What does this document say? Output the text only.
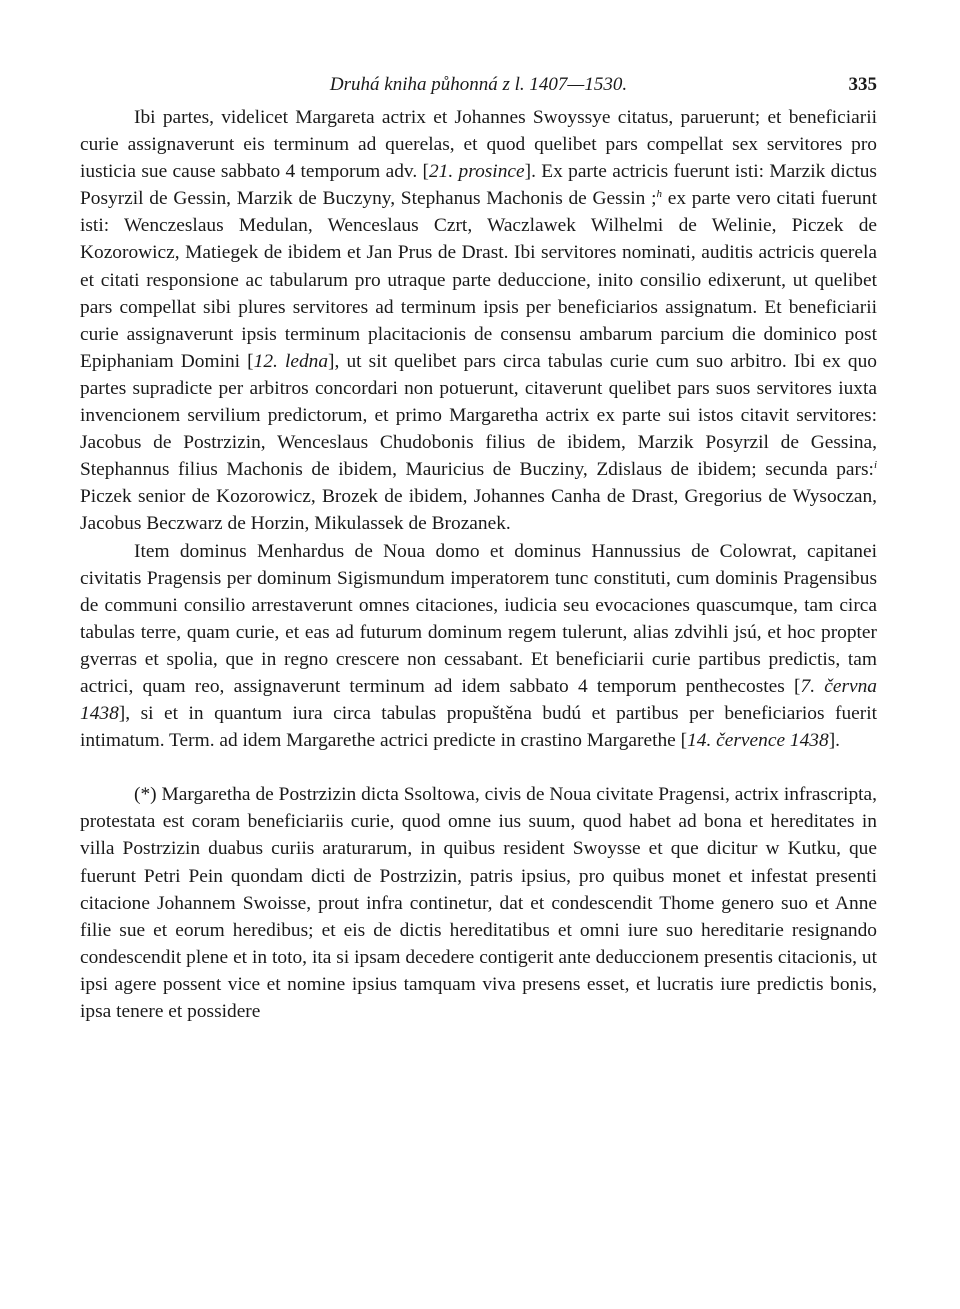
Druhá kniha půhonná z l. 1407—1530.	335

Ibi partes, videlicet Margareta actrix et Johannes Swoyssye citatus, paruerunt; et beneficiarii curie assignaverunt eis terminum ad querelas, et quod quelibet pars compellat sex servitores pro iusticia sue cause sabbato 4 temporum adv. [21. prosince]. Ex parte actricis fuerunt isti: Marzik dictus Posyrzil de Gessin, Marzik de Buczyny, Stephanus Machonis de Gessin ;$^h$ ex parte vero citati fuerunt isti: Wenczeslaus Medulan, Wenceslaus Czrt, Waczlawek Wilhelmi de Welinie, Piczek de Kozorowicz, Matiegek de ibidem et Jan Prus de Drast. Ibi servitores nominati, auditis actricis querela et citati responsione ac tabularum pro utraque parte deduccione, inito consilio edixerunt, ut quelibet pars compellat sibi plures servitores ad terminum ipsis per beneficiarios assignatum. Et beneficiarii curie assignaverunt ipsis terminum placitacionis de consensu ambarum parcium die dominico post Epiphaniam Domini [12. ledna], ut sit quelibet pars circa tabulas curie cum suo arbitro. Ibi ex quo partes supradicte per arbitros concordari non potuerunt, citaverunt quelibet pars suos servitores iuxta invencionem servilium predictorum, et primo Margaretha actrix ex parte sui istos citavit servitores: Jacobus de Postrzizin, Wenceslaus Chudobonis filius de ibidem, Marzik Posyrzil de Gessina, Stephannus filius Machonis de ibidem, Mauricius de Bucziny, Zdislaus de ibidem; secunda pars:$^i$ Piczek senior de Kozorowicz, Brozek de ibidem, Johannes Canha de Drast, Gregorius de Wysoczan, Jacobus Beczwarz de Horzin, Mikulassek de Brozanek.

Item dominus Menhardus de Noua domo et dominus Hannussius de Colowrat, capitanei civitatis Pragensis per dominum Sigismundum imperatorem tunc constituti, cum dominis Pragensibus de communi consilio arrestaverunt omnes citaciones, iudicia seu evocaciones quascumque, tam circa tabulas terre, quam curie, et eas ad futurum dominum regem tulerunt, alias zdvihli jsú, et hoc propter gverras et spolia, que in regno crescere non cessabant. Et beneficiarii curie partibus predictis, tam actrici, quam reo, assignaverunt terminum ad idem sabbato 4 temporum penthecostes [7. června 1438], si et in quantum iura circa tabulas propuštěna budú et partibus per beneficiarios fuerit intimatum. Term. ad idem Margarethe actrici predicte in crastino Margarethe [14. července 1438].

(*) Margaretha de Postrzizin dicta Ssoltowa, civis de Noua civitate Pragensi, actrix infrascripta, protestata est coram beneficiariis curie, quod omne ius suum, quod habet ad bona et hereditates in villa Postrzizin duabus curiis araturarum, in quibus resident Swoysse et que dicitur w Kutku, que fuerunt Petri Pein quondam dicti de Postrzizin, patris ipsius, pro quibus monet et infestat presenti citacione Johannem Swoisse, prout infra continetur, dat et condescendit Thome genero suo et Anne filie sue et eorum heredibus; et eis de dictis hereditatibus et omni iure suo hereditarie resignando condescendit plene et in toto, ita si ipsam decedere contigerit ante deduccionem presentis citacionis, ut ipsi agere possent vice et nomine ipsius tamquam viva presens esset, et lucratis iure predictis bonis, ipsa tenere et possidere
